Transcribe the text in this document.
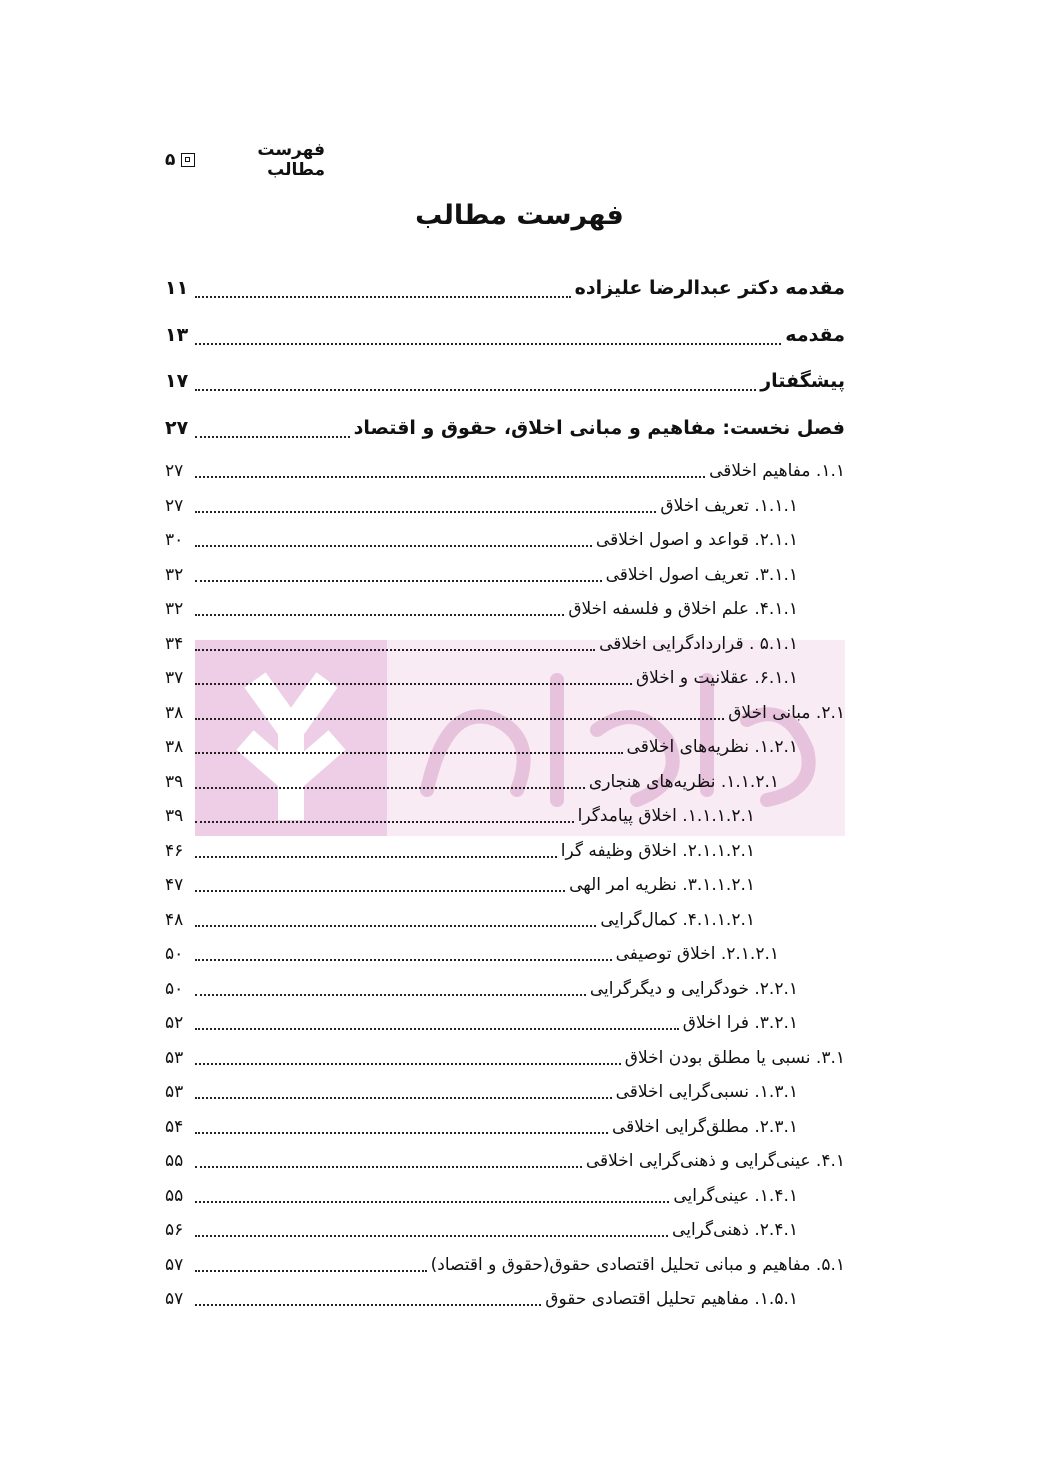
فهرست مطالب
۵
فهرست مطالب
مقدمه دکتر عبدالرضا علیزاده
۱۱
مقدمه
۱۳
پیشگفتار
۱۷
فصل نخست: مفاهیم و مبانی اخلاق، حقوق و اقتصاد
۲۷
۱.۱. مفاهیم اخلاقی
۲۷
۱.۱.۱. تعریف اخلاق
۲۷
۲.۱.۱. قواعد و اصول اخلاقی
۳۰
۳.۱.۱. تعریف اصول اخلاقی
۳۲
۴.۱.۱. علم اخلاق و فلسفه اخلاق
۳۲
۵.۱.۱ . قراردادگرایی اخلاقی
۳۴
۶.۱.۱. عقلانیت و اخلاق
۳۷
۲.۱. مبانی اخلاق
۳۸
۱.۲.۱. نظریه‌های اخلاقی
۳۸
۱.۱.۲.۱. نظریه‌های هنجاری
۳۹
۱.۱.۱.۲.۱. اخلاق پیامدگرا
۳۹
۲.۱.۱.۲.۱. اخلاق وظیفه گرا
۴۶
۳.۱.۱.۲.۱. نظریه امر الهی
۴۷
۴.۱.۱.۲.۱. کمال‌گرایی
۴۸
۲.۱.۲.۱. اخلاق توصیفی
۵۰
۲.۲.۱. خودگرایی و دیگرگرایی
۵۰
۳.۲.۱. فرا اخلاق
۵۲
۳.۱. نسبی یا مطلق بودن اخلاق
۵۳
۱.۳.۱. نسبی‌گرایی اخلاقی
۵۳
۲.۳.۱. مطلق‌گرایی اخلاقی
۵۴
۴.۱. عینی‌گرایی و ذهنی‌گرایی اخلاقی
۵۵
۱.۴.۱. عینی‌گرایی
۵۵
۲.۴.۱. ذهنی‌گرایی
۵۶
۵.۱. مفاهیم و مبانی تحلیل اقتصادی حقوق(حقوق و اقتصاد)
۵۷
۱.۵.۱. مفاهیم تحلیل اقتصادی حقوق
۵۷
